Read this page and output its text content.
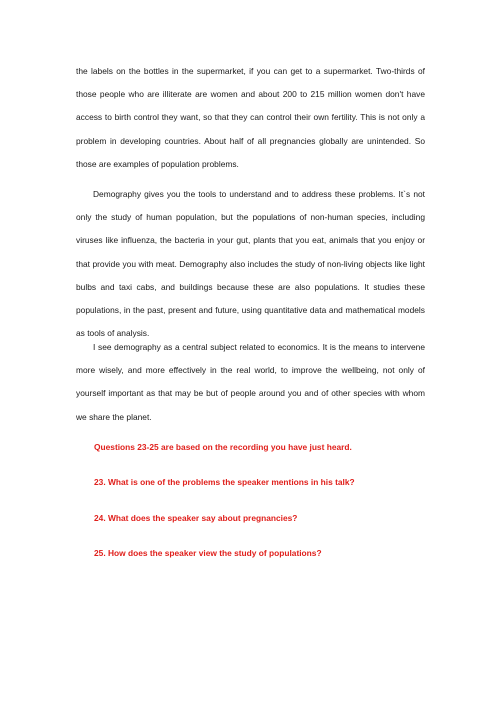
the labels on the bottles in the supermarket, if you can get to a supermarket. Two-thirds of those people who are illiterate are women and about 200 to 215 million women don't have access to birth control they want, so that they can control their own fertility. This is not only a problem in developing countries. About half of all pregnancies globally are unintended. So those are examples of population problems.

Demography gives you the tools to understand and to address these problems. It`s not only the study of human population, but the populations of non-human species, including viruses like influenza, the bacteria in your gut, plants that you eat, animals that you enjoy or that provide you with meat. Demography also includes the study of non-living objects like light bulbs and taxi cabs, and buildings because these are also populations. It studies these populations, in the past, present and future, using quantitative data and mathematical models as tools of analysis.

I see demography as a central subject related to economics. It is the means to intervene more wisely, and more effectively in the real world, to improve the wellbeing, not only of yourself important as that may be but of people around you and of other species with whom we share the planet.

Questions 23-25 are based on the recording you have just heard.

23. What is one of the problems the speaker mentions in his talk?

24. What does the speaker say about pregnancies?

25. How does the speaker view the study of populations?
